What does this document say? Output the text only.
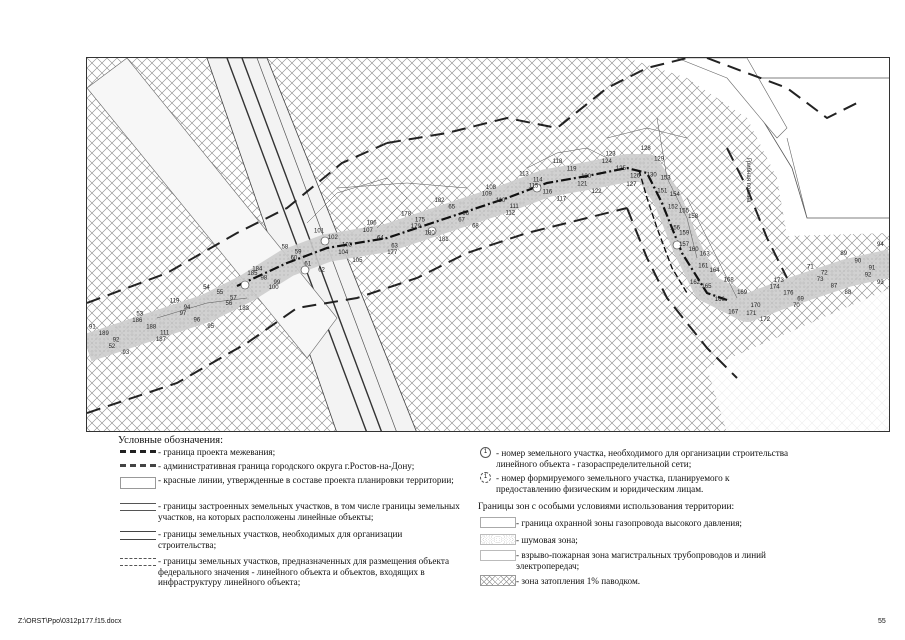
91
189
92
52
93
53
186
188
111
187
119
94
97
96
95
54
55
57
56
183
184
185
98
99
100
58
59
60
61
62
101
102
103
104
105
106
107
64
63
177
178
175
179
180
181
182
65
66
67
68
108
109
110
111
112
113
114
115
116
117
118
119
120
121
122
123
124
125
126
127
128
129
130
151
152
153
154
155
156
157
158
159
160
161
162
163
164
165
166
167
168
169
170
171
172
173
174
176
69
70
71
72
73
87
88
89
90
91
92
93
94
Грибная поляна
Условные обозначения:
- граница проекта межевания;
- административная граница городского округа г.Ростов-на-Дону;
- красные линии, утвержденные в составе проекта планировки территории;
- границы застроенных земельных участков, в том числе границы земельных участков, на которых расположены линейные объекты;
- границы земельных участков, необходимых для организации строительства;
- границы земельных участков, предназначенных для размещения объекта федерального значения - линейного объекта и объектов, входящих в инфраструктуру линейного объекта;
1 - номер земельного участка, необходимого для организации строительства линейного объекта - газораспределительной сети;
1 - номер формируемого земельного участка, планируемого к предоставлению физическим и юридическим лицам.
Границы зон с особыми условиями использования территории:
- граница охранной зоны газопровода высокого давления;
- шумовая зона;
- взрыво-пожарная зона магистральных трубопроводов и линий электропередач;
- зона затопления 1% паводком.
Z:\ORST\Ppo\0312p177.f15.docx	55
